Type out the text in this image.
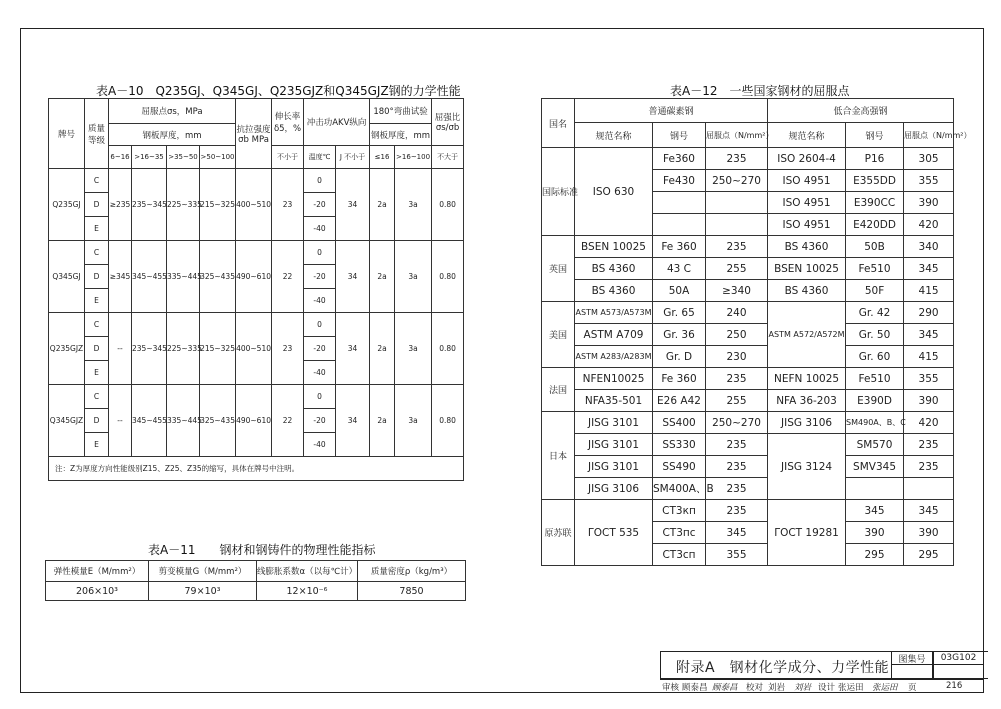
表A－10　Q235GJ、Q345GJ、Q235GJZ和Q345GJZ钢的力学性能
牌号	质量等级	屈服点σs，MPa				抗拉强度σb MPa	伸长率δ5，%	冲击功AKV纵向		180°弯曲试验		屈强比σs/σb
		钢板厚度，mm								钢板厚度，mm		
		6~16	>16~35	>35~50	>50~100		不小于	温度℃	J 不小于	≤16	>16~100	不大于
Q235GJ	C	≥235	235~345	225~335	215~325	400~510	23	0	34	2a	3a	0.80
	D							-20				
	E							-40				
Q345GJ	C	≥345	345~455	335~445	325~435	490~610	22	0	34	2a	3a	0.80
	D							-20				
	E							-40				
Q235GJZ	C	--	235~345	225~335	215~325	400~510	23	0	34	2a	3a	0.80
	D							-20				
	E							-40				
Q345GJZ	C	--	345~455	335~445	325~435	490~610	22	0	34	2a	3a	0.80
	D							-20				
	E							-40				
注：Z为厚度方向性能级别Z15、Z25、Z35的缩写，具体在牌号中注明。												
表A－11　　钢材和钢铸件的物理性能指标
弹性模量E（M/mm²）	剪变模量G（M/mm²）	线膨胀系数α（以每℃计）	质量密度ρ（kg/m³）
206×10³	79×10³	12×10⁻⁶	7850
表A－12　一些国家钢材的屈服点
国名	普通碳素钢			低合金高强钢		
	规范名称	钢号	屈服点（N/mm²）	规范名称	钢号	屈服点（N/mm²）
国际标准	ISO 630	Fe360	235	ISO 2604-4	P16	305
		Fe430	250~270	ISO 4951	E355DD	355
				ISO 4951	E390CC	390
				ISO 4951	E420DD	420
英国	BSEN 10025	Fe 360	235	BS 4360	50B	340
	BS 4360	43 C	255	BSEN 10025	Fe510	345
	BS 4360	50A	≥340	BS 4360	50F	415
美国	ASTM A573/A573M	Gr. 65	240	ASTM A572/A572M	Gr. 42	290
	ASTM A709	Gr. 36	250		Gr. 50	345
	ASTM A283/A283M	Gr. D	230		Gr. 60	415
法国	NFEN10025	Fe 360	235	NEFN 10025	Fe510	355
	NFA35-501	E26 A42	255	NFA 36-203	E390D	390
日本	JISG 3101	SS400	250~270	JISG 3106	SM490A、B、C	420
	JISG 3101	SS330	235	JISG 3124	SM570	235
	JISG 3101	SS490	235		SMV345	235
	JISG 3106	SM400A、B	235			
原苏联	ΓOCT 535	CT3кп	235	ΓOCT 19281	345	345
		CT3пс	345		390	390
		CT3сп	355		295	295
附录A　钢材化学成分、力学性能
图集号	03G102
审核 顾泰昌 顾泰昌 校对 刘岩 刘岩 设计 张运田 张运田 页	216
